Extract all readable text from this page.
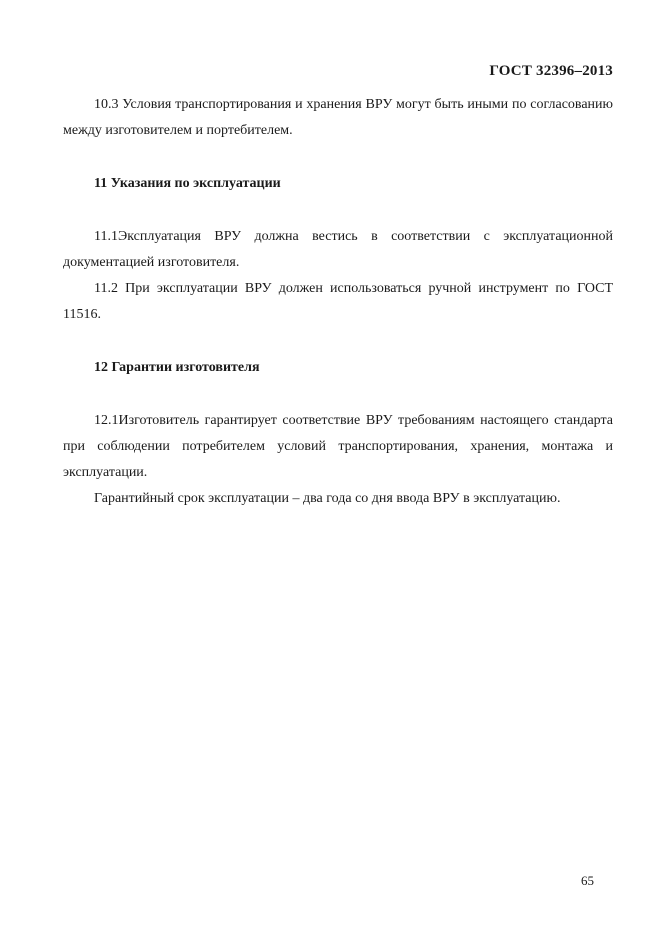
ГОСТ 32396–2013

10.3 Условия транспортирования и хранения ВРУ могут быть иными по согласованию между изготовителем и портебителем.

11 Указания по эксплуатации

11.1Эксплуатация ВРУ должна вестись в соответствии с эксплуатационной документацией изготовителя.

11.2 При эксплуатации ВРУ должен использоваться ручной инструмент по ГОСТ 11516.

12 Гарантии изготовителя

12.1Изготовитель гарантирует соответствие ВРУ требованиям настоящего стандарта при соблюдении потребителем условий транспортирования, хранения, монтажа и эксплуатации.

Гарантийный срок эксплуатации – два года со дня ввода ВРУ в эксплуатацию.

65
